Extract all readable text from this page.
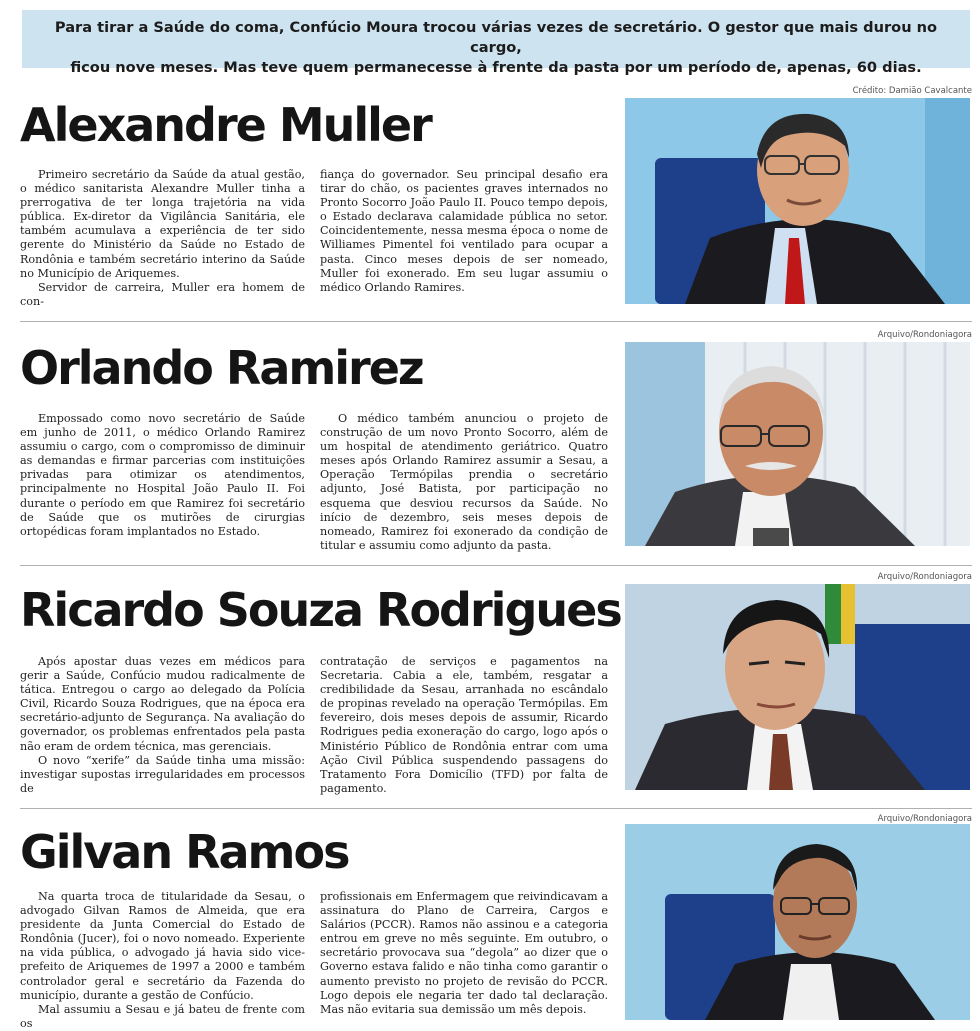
Para tirar a Saúde do coma, Confúcio Moura trocou várias vezes de secretário. O gestor que mais durou no cargo,
ficou nove meses. Mas teve quem permanecesse à frente da pasta por um período de, apenas, 60 dias.
Crédito: Damião Cavalcante
Alexandre Muller

Primeiro secretário da Saúde da atual gestão, o médico sanitarista Alexandre Muller tinha a prerrogativa de ter longa trajetória na vida pública. Ex-diretor da Vigilância Sanitária, ele também acumulava a experiência de ter sido gerente do Ministério da Saúde no Estado de Rondônia e também secretário interino da Saúde no Município de Ariquemes.

Servidor de carreira, Muller era homem de con-

fiança do governador. Seu principal desafio era tirar do chão, os pacientes graves internados no Pronto Socorro João Paulo II. Pouco tempo depois, o Estado declarava calamidade pública no setor. Coincidentemente, nessa mesma época o nome de Williames Pimentel foi ventilado para ocupar a pasta. Cinco meses depois de ser nomeado, Muller foi exonerado. Em seu lugar assumiu o médico Orlando Ramires.

Arquivo/Rondoniagora
Orlando Ramirez

Empossado como novo secretário de Saúde em junho de 2011, o médico Orlando Ramirez assumiu o cargo, com o compromisso de diminuir as demandas e firmar parcerias com instituições privadas para otimizar os atendimentos, principalmente no Hospital João Paulo II. Foi durante o período em que Ramirez foi secretário de Saúde que os mutirões de cirurgias ortopédicas foram implantados no Estado.

O médico também anunciou o projeto de construção de um novo Pronto Socorro, além de um hospital de atendimento geriátrico. Quatro meses após Orlando Ramirez assumir a Sesau, a Operação Termópilas prendia o secretário adjunto, José Batista, por participação no esquema que desviou recursos da Saúde. No início de dezembro, seis meses depois de nomeado, Ramirez foi exonerado da condição de titular e assumiu como adjunto da pasta.

Arquivo/Rondoniagora
Ricardo Souza Rodrigues

Após apostar duas vezes em médicos para gerir a Saúde, Confúcio mudou radicalmente de tática. Entregou o cargo ao delegado da Polícia Civil, Ricardo Souza Rodrigues, que na época era secretário-adjunto de Segurança. Na avaliação do governador, os problemas enfrentados pela pasta não eram de ordem técnica, mas gerenciais.

O novo “xerife” da Saúde tinha uma missão: investigar supostas irregularidades em processos de

contratação de serviços e pagamentos na Secretaria. Cabia a ele, também, resgatar a credibilidade da Sesau, arranhada no escândalo de propinas revelado na operação Termópilas. Em fevereiro, dois meses depois de assumir, Ricardo Rodrigues pedia exoneração do cargo, logo após o Ministério Público de Rondônia entrar com uma Ação Civil Pública suspendendo passagens do Tratamento Fora Domicílio (TFD) por falta de pagamento.

Arquivo/Rondoniagora
Gilvan Ramos

Na quarta troca de titularidade da Sesau, o advogado Gilvan Ramos de Almeida, que era presidente da Junta Comercial do Estado de Rondônia (Jucer), foi o novo nomeado. Experiente na vida pública, o advogado já havia sido vice-prefeito de Ariquemes de 1997 a 2000 e também controlador geral e secretário da Fazenda do município, durante a gestão de Confúcio.

Mal assumiu a Sesau e já bateu de frente com os

profissionais em Enfermagem que reivindicavam a assinatura do Plano de Carreira, Cargos e Salários (PCCR). Ramos não assinou e a categoria entrou em greve no mês seguinte. Em outubro, o secretário provocava sua “degola” ao dizer que o Governo estava falido e não tinha como garantir o aumento previsto no projeto de revisão do PCCR. Logo depois ele negaria ter dado tal declaração. Mas não evitaria sua demissão um mês depois.
